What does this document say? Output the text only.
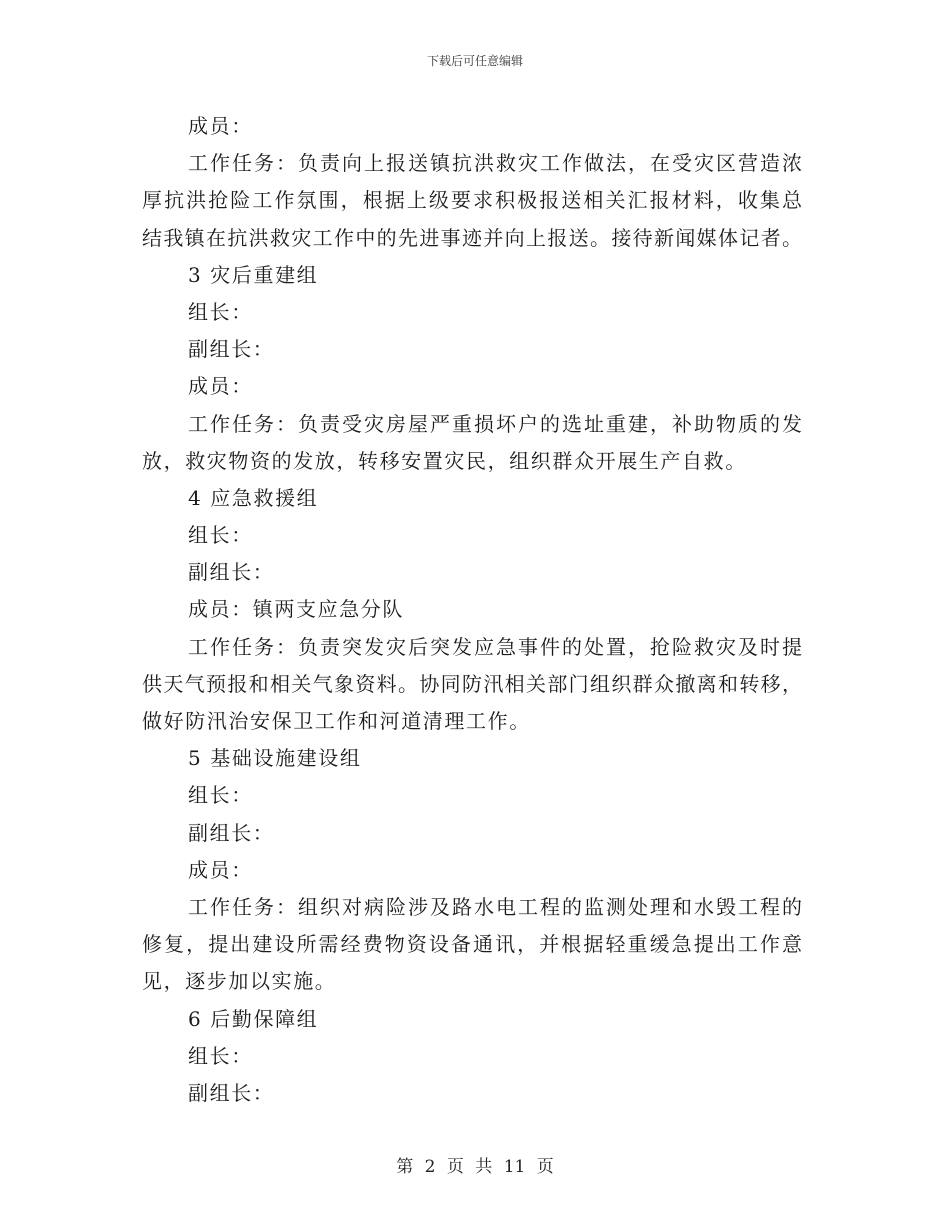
下载后可任意编辑
成员：
工作任务：负责向上报送镇抗洪救灾工作做法，在受灾区营造浓
厚抗洪抢险工作氛围，根据上级要求积极报送相关汇报材料，收集总
结我镇在抗洪救灾工作中的先进事迹并向上报送。接待新闻媒体记者。
3 灾后重建组
组长：
副组长：
成员：
工作任务：负责受灾房屋严重损坏户的选址重建，补助物质的发
放，救灾物资的发放，转移安置灾民，组织群众开展生产自救。
4 应急救援组
组长：
副组长：
成员：镇两支应急分队
工作任务：负责突发灾后突发应急事件的处置，抢险救灾及时提
供天气预报和相关气象资料。协同防汛相关部门组织群众撤离和转移，
做好防汛治安保卫工作和河道清理工作。
5 基础设施建设组
组长：
副组长：
成员：
工作任务：组织对病险涉及路水电工程的监测处理和水毁工程的
修复，提出建设所需经费物资设备通讯，并根据轻重缓急提出工作意
见，逐步加以实施。
6 后勤保障组
组长：
副组长：
第 2 页 共 11 页
